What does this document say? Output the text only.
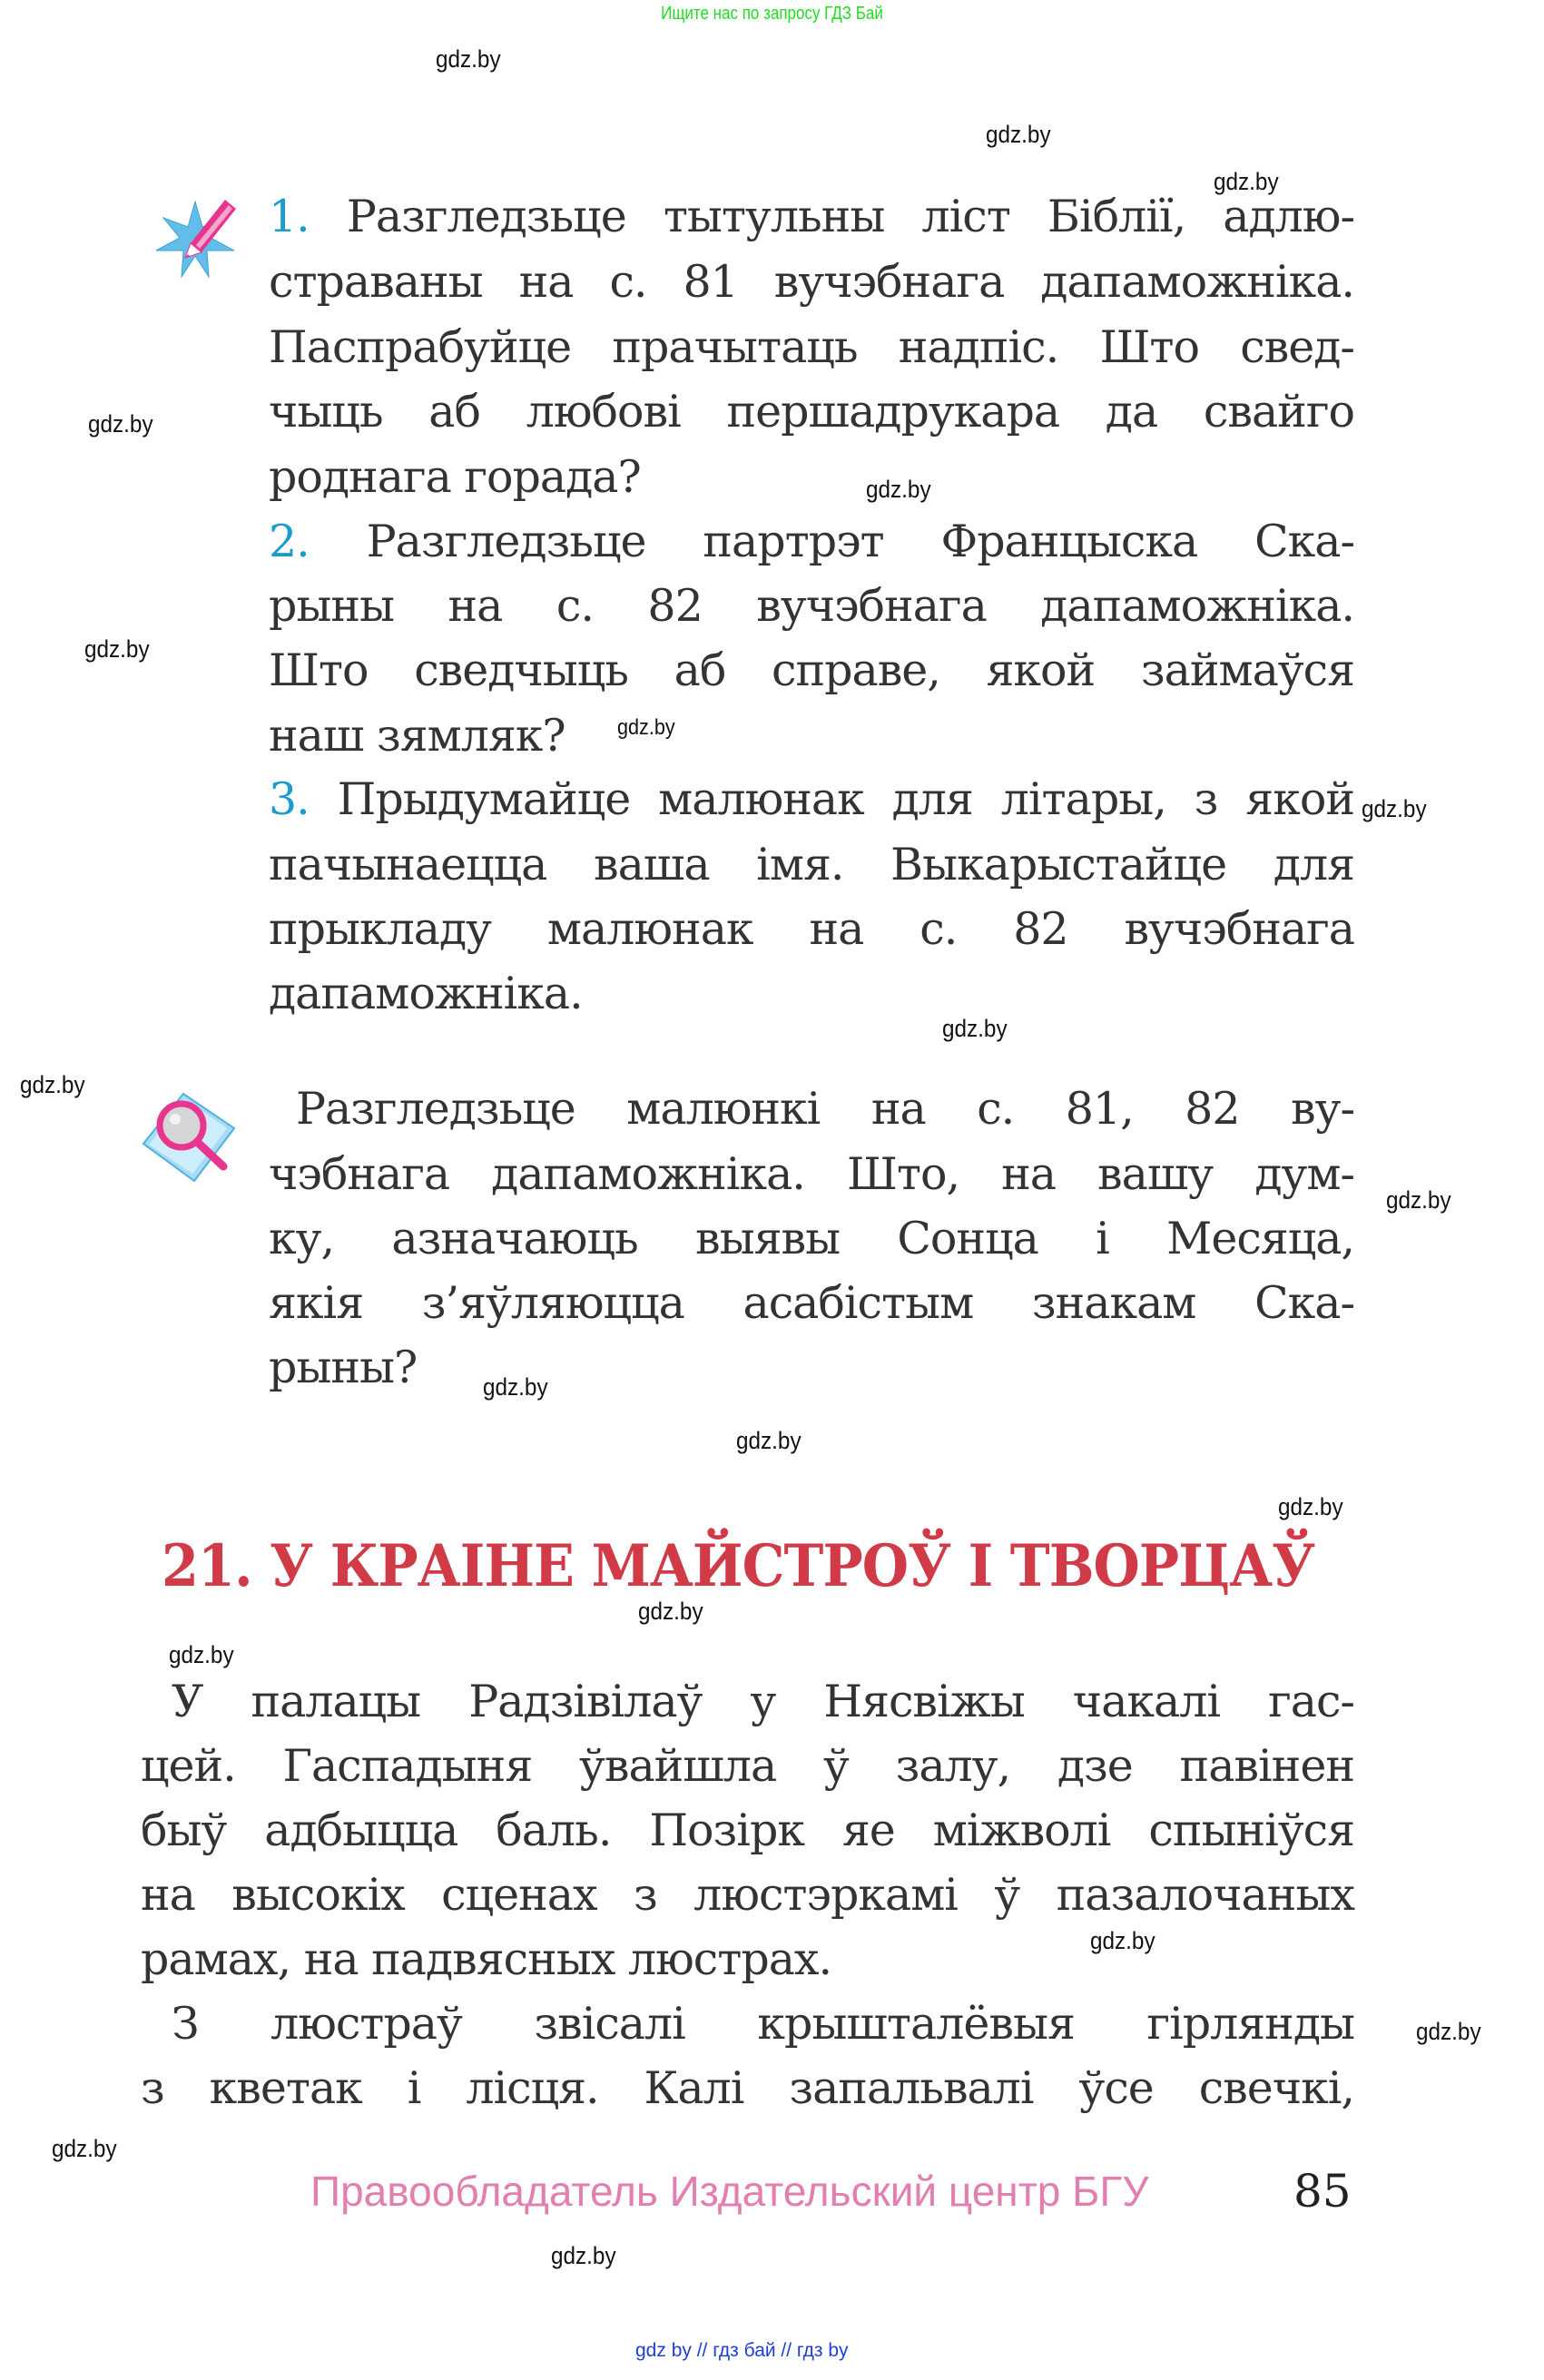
Ищите нас по запросу ГДЗ Бай
gdz.by
gdz.by
gdz.by
gdz.by
gdz.by
gdz.by
gdz.by
gdz.by
gdz.by
gdz.by
gdz.by
gdz.by
gdz.by
gdz.by
gdz.by
gdz.by
gdz.by
gdz.by
gdz.by
gdz.by
1. Разгледзьце тытульны ліст Біблії, адлю-
страваны на с. 81 вучэбнага дапаможніка.
Паспрабуйце прачытаць надпіс. Што свед-
чыць аб любові першадрукара да свайго
роднага горада?
2. Разгледзьце партрэт Францыска Ска-
рыны на с. 82 вучэбнага дапаможніка.
Што сведчыць аб справе, якой займаўся
наш зямляк?
3. Прыдумайце малюнак для літары, з якой
пачынаецца ваша імя. Выкарыстайце для
прыкладу малюнак на с. 82 вучэбнага
дапаможніка.
Разгледзьце малюнкі на с. 81, 82 ву-
чэбнага дапаможніка. Што, на вашу дум-
ку, азначаюць выявы Сонца і Месяца,
якія з’яўляюцца асабістым знакам Ска-
рыны?
21. У КРАІНЕ МАЙСТРОЎ І ТВОРЦАЎ
У палацы Радзівілаў у Нясвіжы чакалі гас-
цей. Гаспадыня ўвайшла ў залу, дзе павінен
быў адбыцца баль. Позірк яе міжволі спыніўся
на высокіх сценах з люстэркамі ў пазалочаных
рамах, на падвясных люстрах.
З люстраў звісалі крышталёвыя гірлянды
з кветак і лісця. Калі запальвалі ўсе свечкі,
Правообладатель Издательский центр БГУ	85
gdz by // гдз бай // гдз by
